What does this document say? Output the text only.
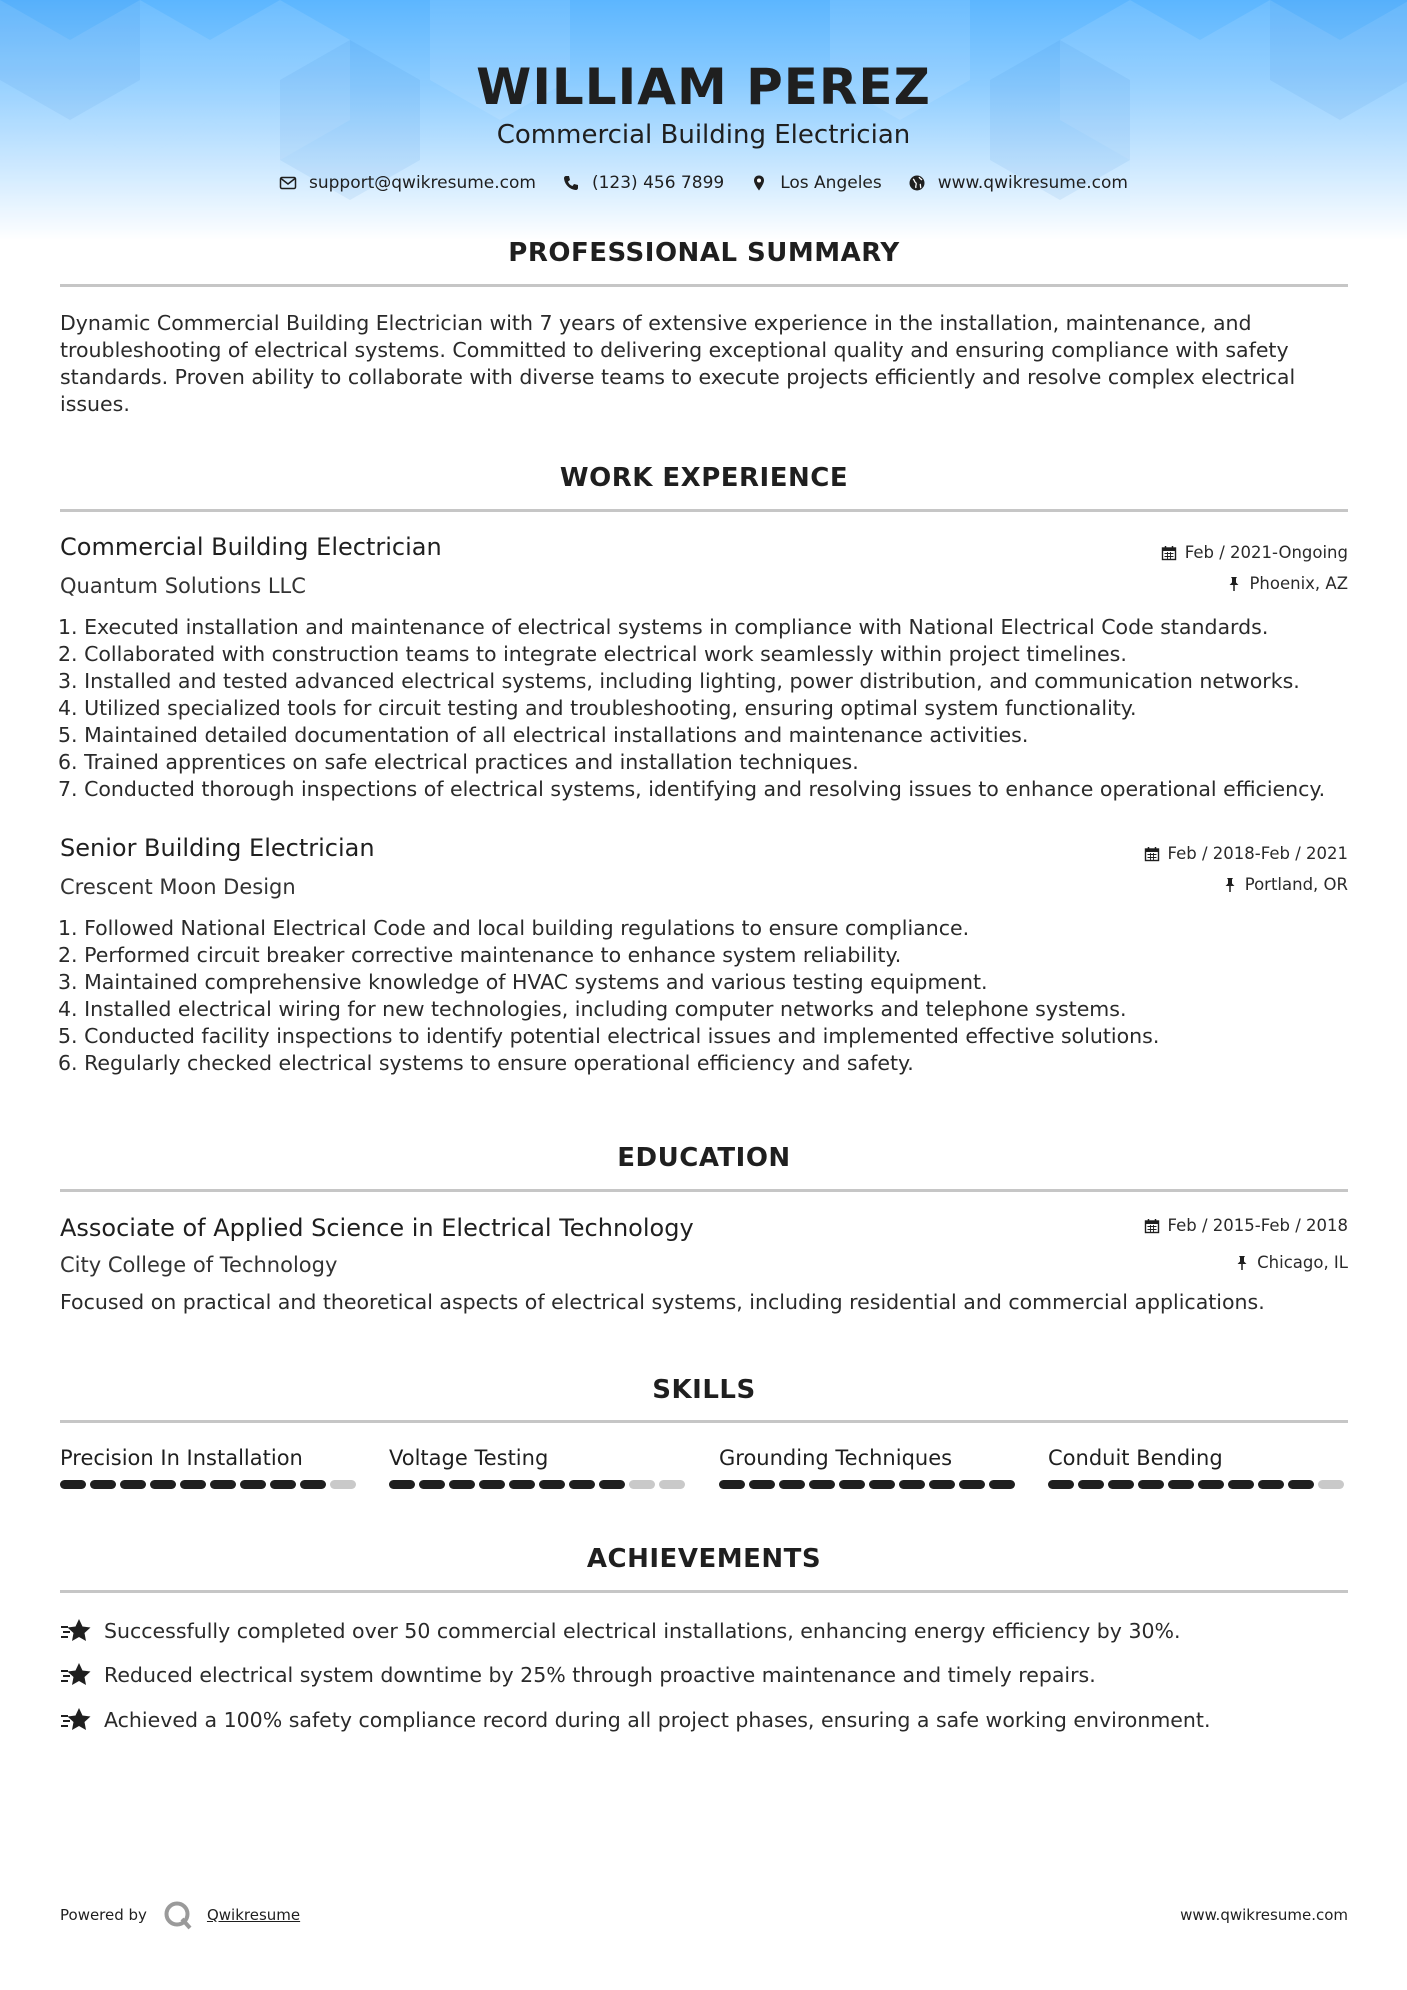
WILLIAM PEREZ
Commercial Building Electrician
support@qwikresume.com	(123) 456 7899	Los Angeles	www.qwikresume.com
PROFESSIONAL SUMMARY
Dynamic Commercial Building Electrician with 7 years of extensive experience in the installation, maintenance, and troubleshooting of electrical systems. Committed to delivering exceptional quality and ensuring compliance with safety standards. Proven ability to collaborate with diverse teams to execute projects efficiently and resolve complex electrical issues.
WORK EXPERIENCE
Commercial Building Electrician
Quantum Solutions LLC
Feb / 2021-Ongoing
Phoenix, AZ
1. Executed installation and maintenance of electrical systems in compliance with National Electrical Code standards.
2. Collaborated with construction teams to integrate electrical work seamlessly within project timelines.
3. Installed and tested advanced electrical systems, including lighting, power distribution, and communication networks.
4. Utilized specialized tools for circuit testing and troubleshooting, ensuring optimal system functionality.
5. Maintained detailed documentation of all electrical installations and maintenance activities.
6. Trained apprentices on safe electrical practices and installation techniques.
7. Conducted thorough inspections of electrical systems, identifying and resolving issues to enhance operational efficiency.
Senior Building Electrician
Crescent Moon Design
Feb / 2018-Feb / 2021
Portland, OR
1. Followed National Electrical Code and local building regulations to ensure compliance.
2. Performed circuit breaker corrective maintenance to enhance system reliability.
3. Maintained comprehensive knowledge of HVAC systems and various testing equipment.
4. Installed electrical wiring for new technologies, including computer networks and telephone systems.
5. Conducted facility inspections to identify potential electrical issues and implemented effective solutions.
6. Regularly checked electrical systems to ensure operational efficiency and safety.
EDUCATION
Associate of Applied Science in Electrical Technology
City College of Technology
Feb / 2015-Feb / 2018
Chicago, IL
Focused on practical and theoretical aspects of electrical systems, including residential and commercial applications.
SKILLS
Precision In Installation	Voltage Testing	Grounding Techniques	Conduit Bending
ACHIEVEMENTS
Successfully completed over 50 commercial electrical installations, enhancing energy efficiency by 30%.
Reduced electrical system downtime by 25% through proactive maintenance and timely repairs.
Achieved a 100% safety compliance record during all project phases, ensuring a safe working environment.
Powered by	Qwikresume	www.qwikresume.com
